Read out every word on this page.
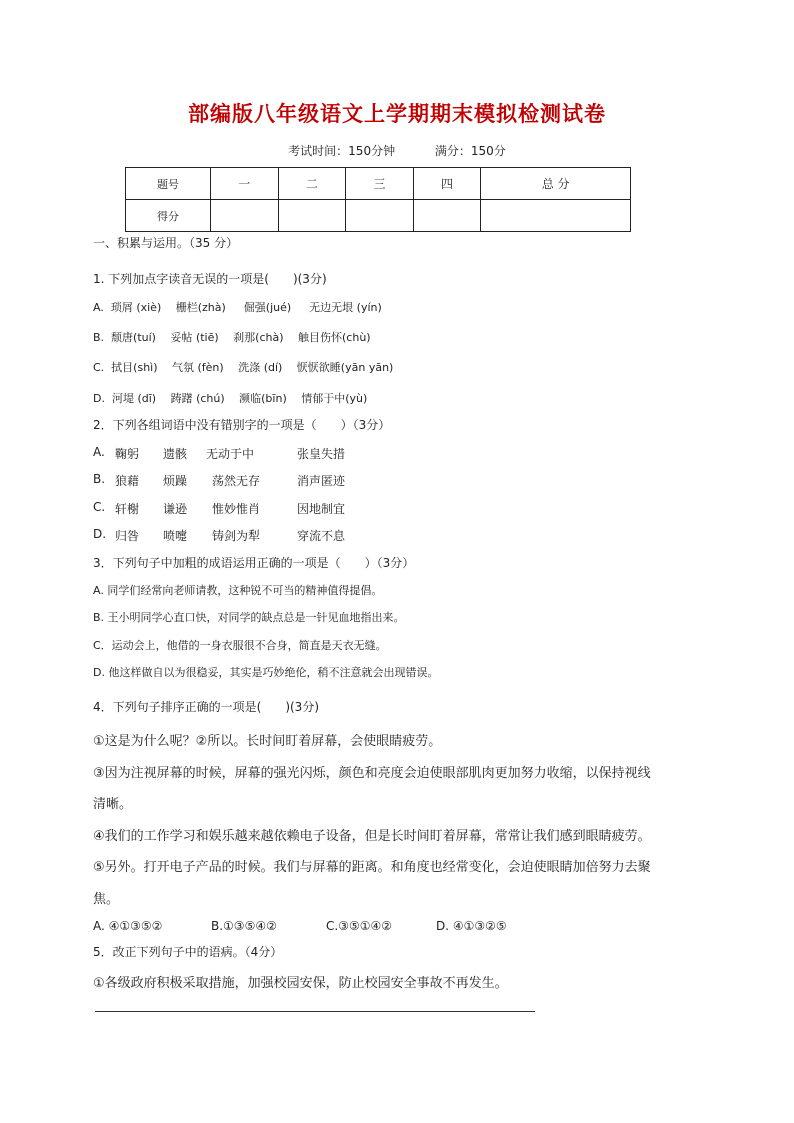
部编版八年级语文上学期期末模拟检测试卷
考试时间：150分钟	满分：150分
题号	一	二	三	四	总 分
得分					
一、积累与运用。（35 分）
1. 下列加点字读音无误的一项是(　　)(3分)
A.  琐屑 (xiè)　 栅栏(zhà)　  倔强(jué)　  无边无垠 (yín)
B.  颓唐(tuí)　 妥帖 (tiē)　 刹那(chà)　 触目伤怀(chù)
C.  拭目(shì)　 气氛 (fèn)　 洗涤 (dí)　 恹恹欲睡(yān yān)
D.  河堤 (dī)　 踌躇 (chú)　 濒临(bīn)　 情郁于中(yù)
2．下列各组词语中没有错别字的一项是（　　）（3分）
A. 鞠躬 遗骸 无动于中	张皇失措
B. 狼藉 烦躁 荡然无存	消声匿迹
C. 轩榭 谦逊 惟妙惟肖	因地制宜
D. 归咎 喷嚏 铸剑为犁	穿流不息
3．下列句子中加粗的成语运用正确的一项是（　　）（3分）
A. 同学们经常向老师请教，这种锐不可当的精神值得提倡。
B. 王小明同学心直口快，对同学的缺点总是一针见血地指出来。
C．运动会上，他借的一身衣服很不合身，简直是天衣无缝。
D. 他这样做自以为很稳妥，其实是巧妙绝伦，稍不注意就会出现错误。
4．下列句子排序正确的一项是(　　)(3分)
①这是为什么呢？②所以。长时间盯着屏幕，会使眼睛疲劳。
③因为注视屏幕的时候，屏幕的强光闪烁，颜色和亮度会迫使眼部肌肉更加努力收缩，以保持视线
清晰。
④我们的工作学习和娱乐越来越依赖电子设备，但是长时间盯着屏幕，常常让我们感到眼睛疲劳。
⑤另外。打开电子产品的时候。我们与屏幕的距离。和角度也经常变化，会迫使眼睛加倍努力去聚
焦。
A. ④①③⑤②	B.①③⑤④②	C.③⑤①④②	D. ④①③②⑤
5．改正下列句子中的语病。（4分）
①各级政府积极采取措施，加强校园安保，防止校园安全事故不再发生。
